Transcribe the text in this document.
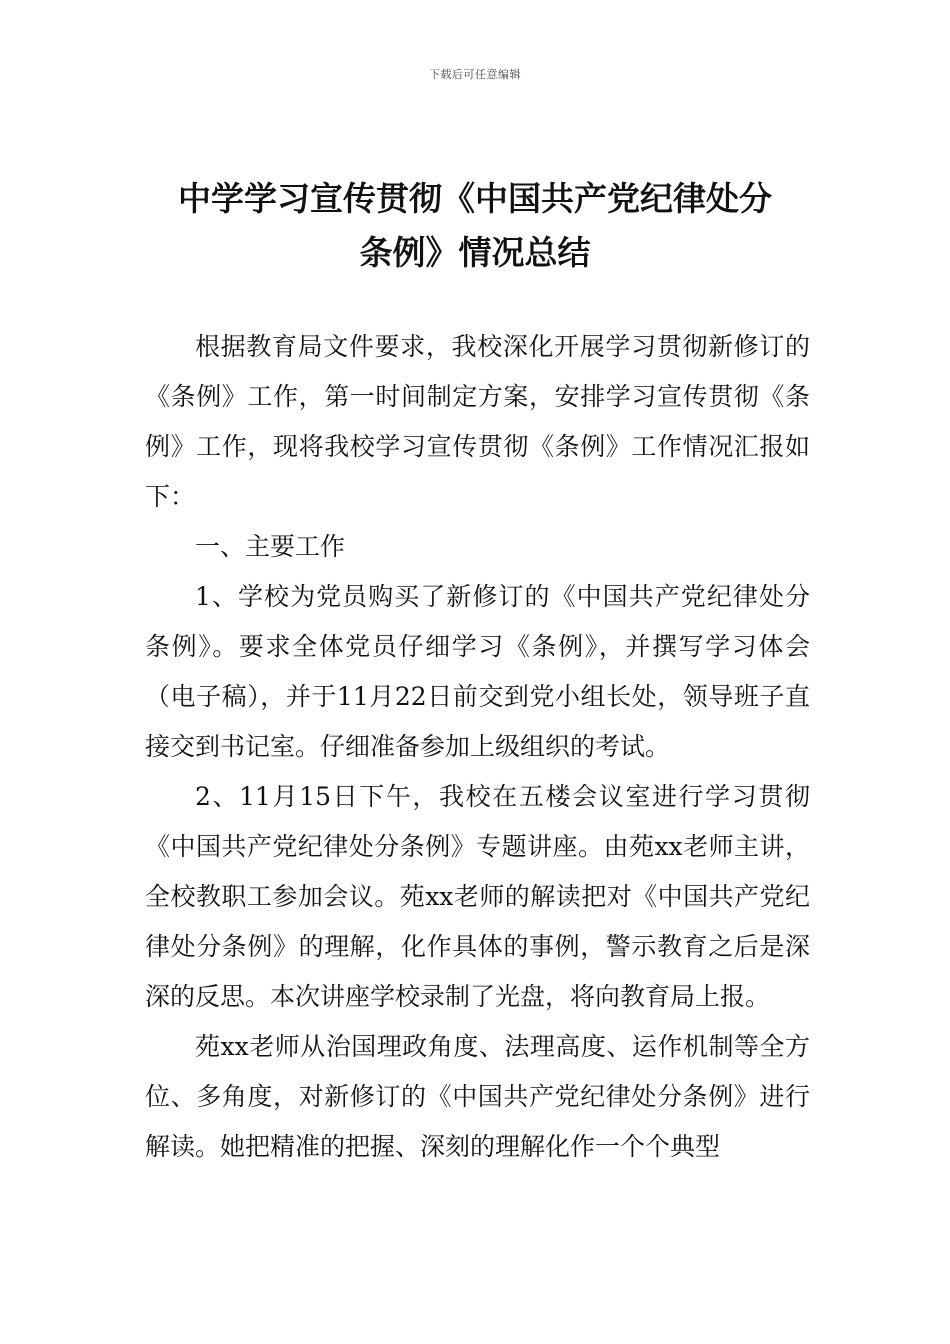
下载后可任意编辑
中学学习宣传贯彻《中国共产党纪律处分
条例》情况总结

根据教育局文件要求，我校深化开展学习贯彻新修订的《条例》工作，第一时间制定方案，安排学习宣传贯彻《条例》工作，现将我校学习宣传贯彻《条例》工作情况汇报如下：

一、主要工作

1、学校为党员购买了新修订的《中国共产党纪律处分条例》。要求全体党员仔细学习《条例》，并撰写学习体会（电子稿），并于11月22日前交到党小组长处，领导班子直接交到书记室。仔细准备参加上级组织的考试。

2、11月15日下午，我校在五楼会议室进行学习贯彻《中国共产党纪律处分条例》专题讲座。由苑xx老师主讲，全校教职工参加会议。苑xx老师的解读把对《中国共产党纪律处分条例》的理解，化作具体的事例，警示教育之后是深深的反思。本次讲座学校录制了光盘，将向教育局上报。

苑xx老师从治国理政角度、法理高度、运作机制等全方位、多角度，对新修订的《中国共产党纪律处分条例》进行解读。她把精准的把握、深刻的理解化作一个个典型
